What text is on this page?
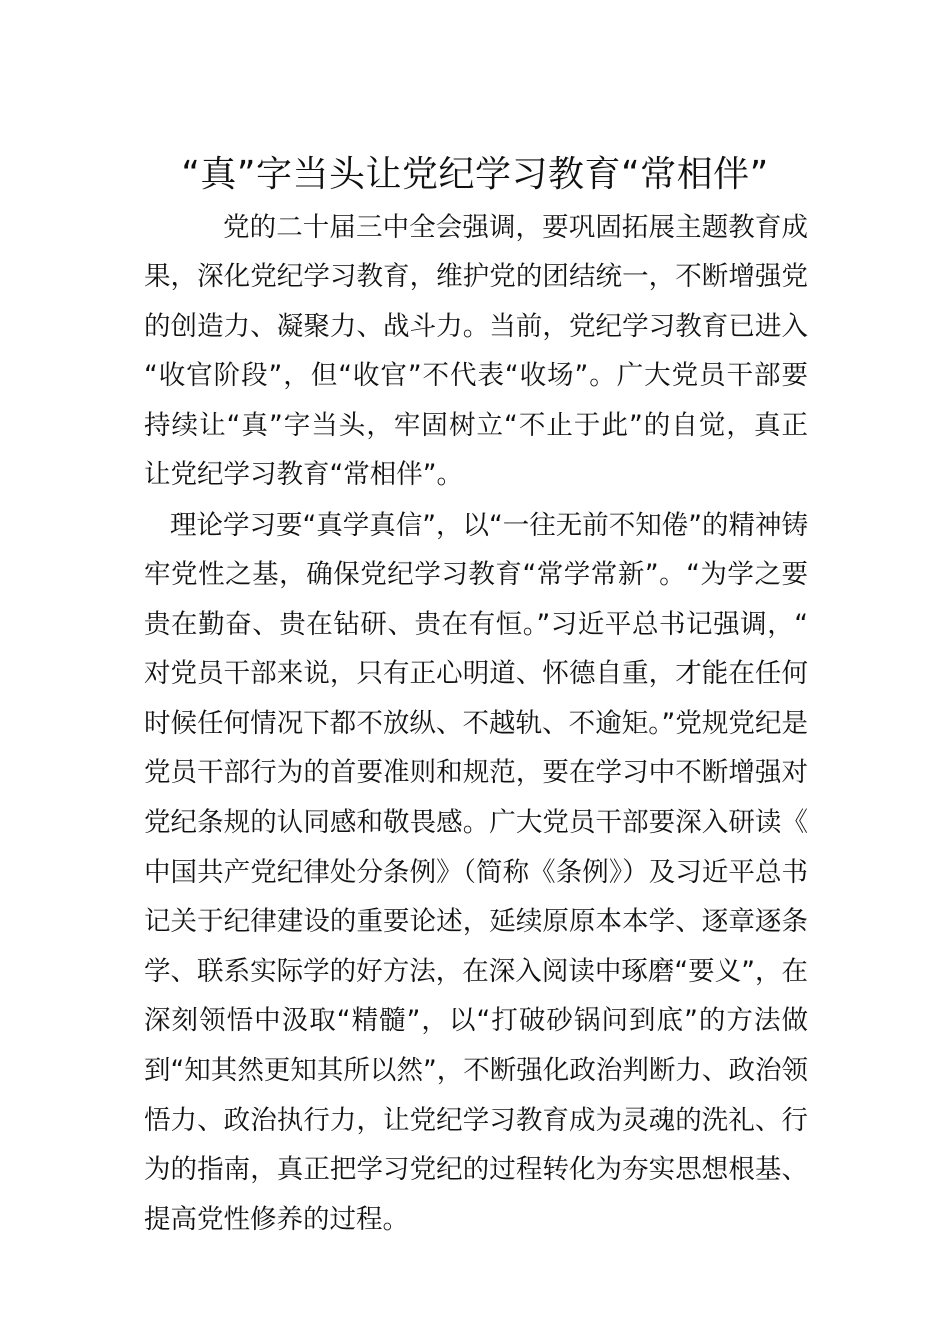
“真”字当头让党纪学习教育“常相伴”

党的二十届三中全会强调，要巩固拓展主题教育成果，深化党纪学习教育，维护党的团结统一，不断增强党的创造力、凝聚力、战斗力。当前，党纪学习教育已进入“收官阶段”，但“收官”不代表“收场”。广大党员干部要持续让“真”字当头，牢固树立“不止于此”的自觉，真正让党纪学习教育“常相伴”。

理论学习要“真学真信”，以“一往无前不知倦”的精神铸牢党性之基，确保党纪学习教育“常学常新”。“为学之要贵在勤奋、贵在钻研、贵在有恒。”习近平总书记强调，“对党员干部来说，只有正心明道、怀德自重，才能在任何时候任何情况下都不放纵、不越轨、不逾矩。”党规党纪是党员干部行为的首要准则和规范，要在学习中不断增强对党纪条规的认同感和敬畏感。广大党员干部要深入研读《中国共产党纪律处分条例》（简称《条例》）及习近平总书记关于纪律建设的重要论述，延续原原本本学、逐章逐条学、联系实际学的好方法，在深入阅读中琢磨“要义”，在深刻领悟中汲取“精髓”，以“打破砂锅问到底”的方法做到“知其然更知其所以然”，不断强化政治判断力、政治领悟力、政治执行力，让党纪学习教育成为灵魂的洗礼、行为的指南，真正把学习党纪的过程转化为夯实思想根基、提高党性修养的过程。
